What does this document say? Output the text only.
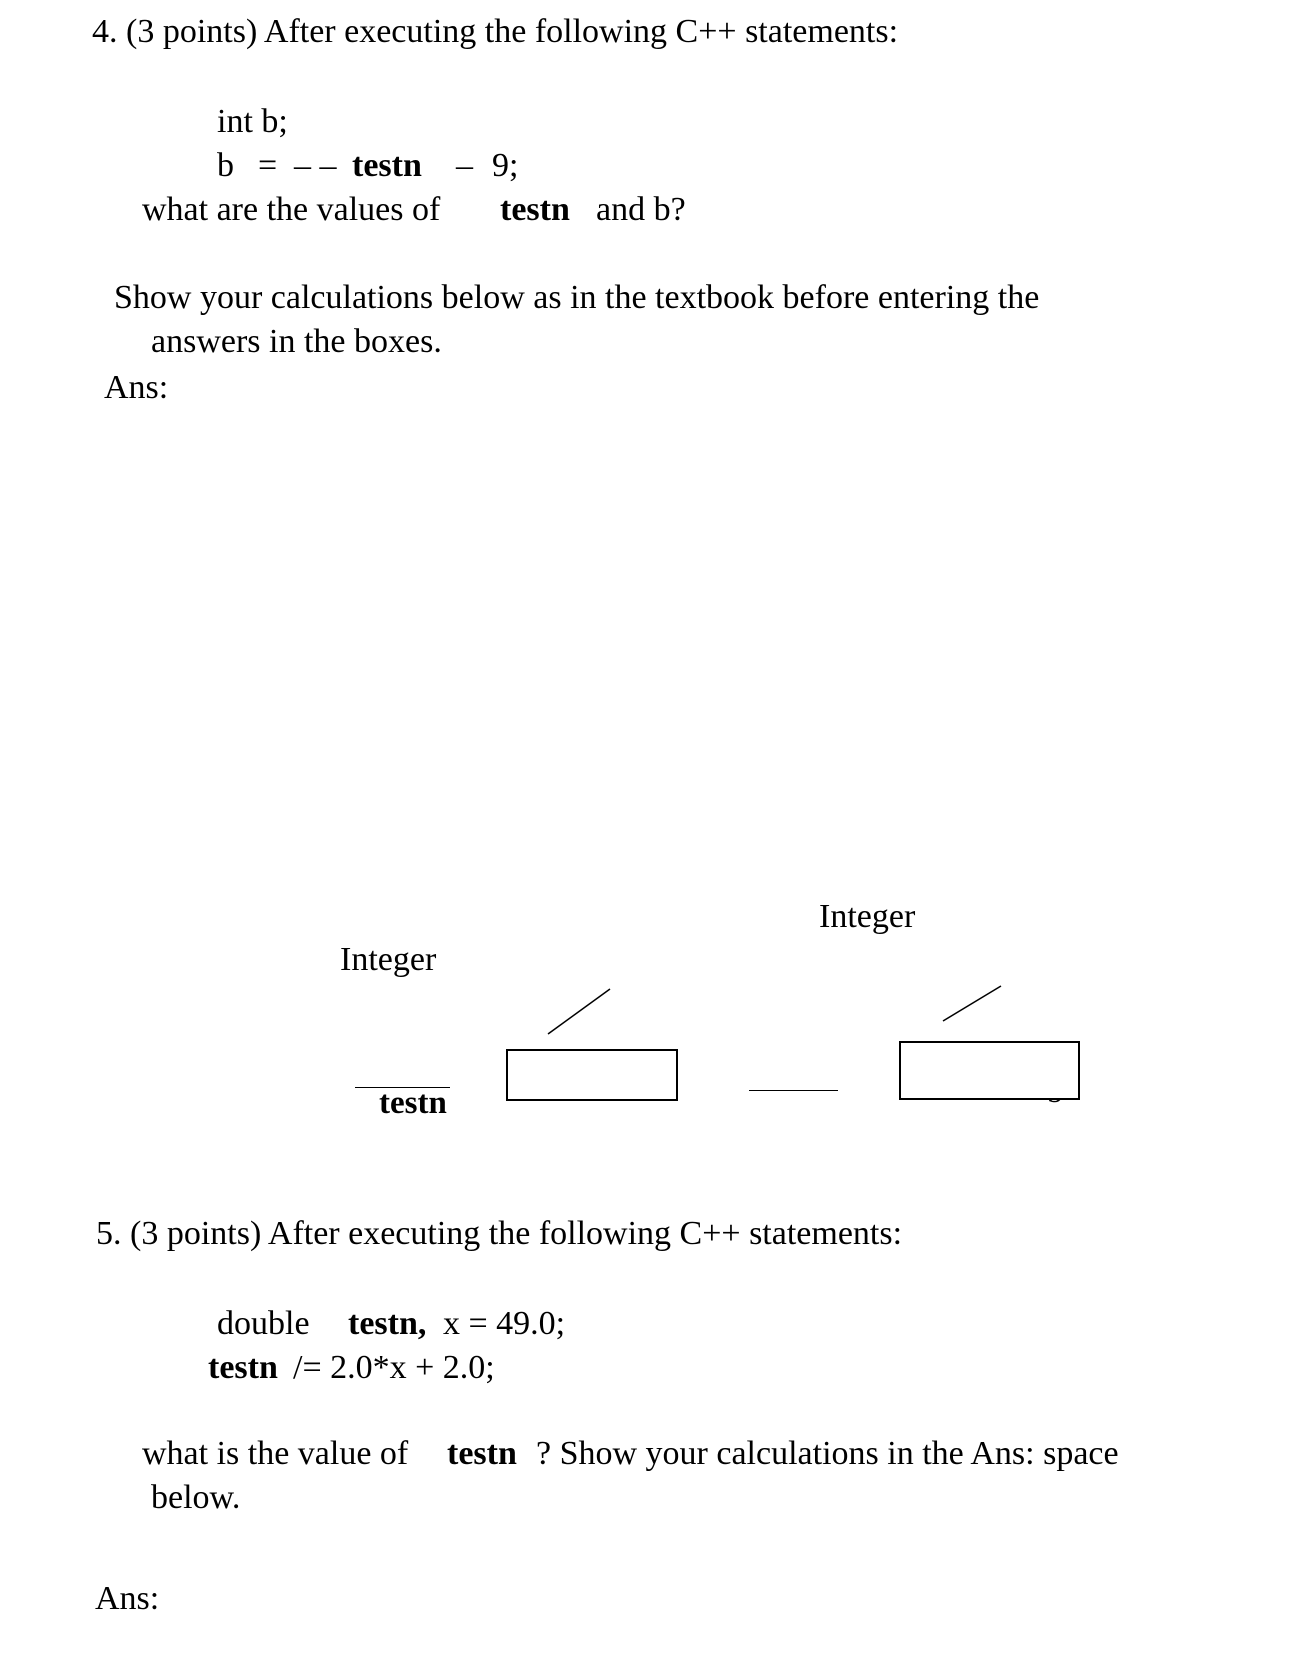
4. (3 points) After executing the following C++ statements:
int b;
b = – – testn – 9;
what are the values of testn and b?
Show your calculations below as in the textbook before entering the
answers in the boxes.
Ans:
Integer
Integer
testn
5. (3 points) After executing the following C++ statements:
double testn, x = 49.0;
testn /= 2.0*x + 2.0;
what is the value of testn ? Show your calculations in the Ans: space
below.
Ans:
